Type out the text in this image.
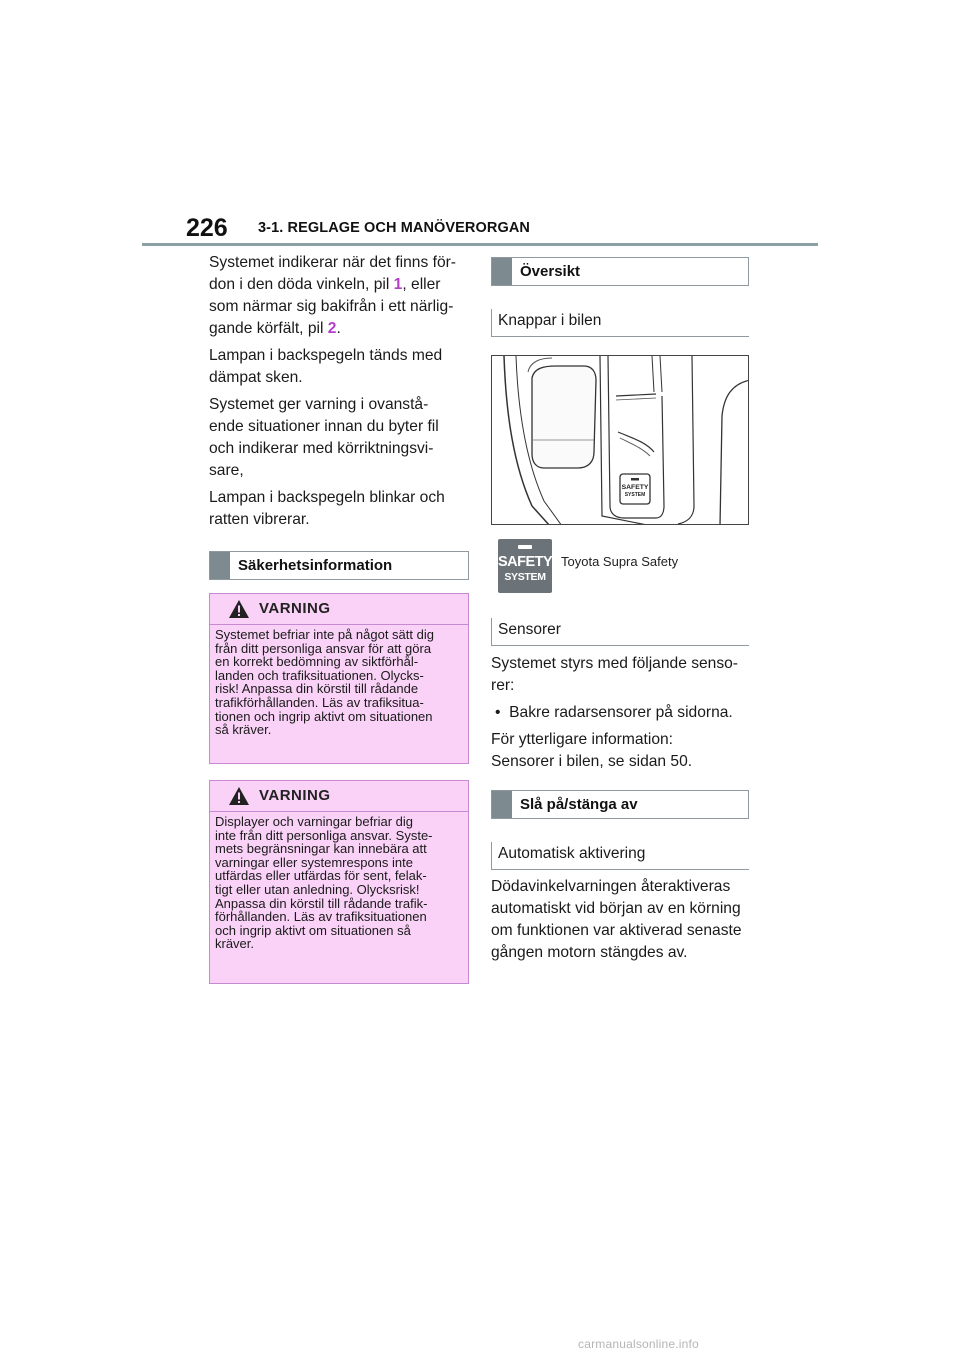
226 3-1. REGLAGE OCH MANÖVERORGAN

Systemet indikerar när det finns för-
don i den döda vinkeln, pil 1, eller
som närmar sig bakifrån i ett närlig-
gande körfält, pil 2.

Lampan i backspegeln tänds med
dämpat sken.

Systemet ger varning i ovanstå-
ende situationer innan du byter fil
och indikerar med körriktningsvi-
sare,

Lampan i backspegeln blinkar och
ratten vibrerar.

Säkerhetsinformation
VARNING
Systemet befriar inte på något sätt dig
från ditt personliga ansvar för att göra
en korrekt bedömning av siktförhål-
landen och trafiksituationen. Olycks-
risk! Anpassa din körstil till rådande
trafikförhållanden. Läs av trafiksitua-
tionen och ingrip aktivt om situationen
så kräver.
VARNING
Displayer och varningar befriar dig
inte från ditt personliga ansvar. Syste-
mets begränsningar kan innebära att
varningar eller systemrespons inte
utfärdas eller utfärdas för sent, felak-
tigt eller utan anledning. Olycksrisk!
Anpassa din körstil till rådande trafik-
förhållanden. Läs av trafiksituationen
och ingrip aktivt om situationen så
kräver.
Översikt
Knappar i bilen
SAFETY
SYSTEM
SAFETY
SYSTEM
Toyota Supra Safety
Sensorer

Systemet styrs med följande senso-
rer:

•  Bakre radarsensorer på sidorna.

För ytterligare information:
Sensorer i bilen, se sidan 50.

Slå på/stänga av
Automatisk aktivering

Dödavinkelvarningen återaktiveras
automatiskt vid början av en körning
om funktionen var aktiverad senaste
gången motorn stängdes av.

carmanualsonline.info
